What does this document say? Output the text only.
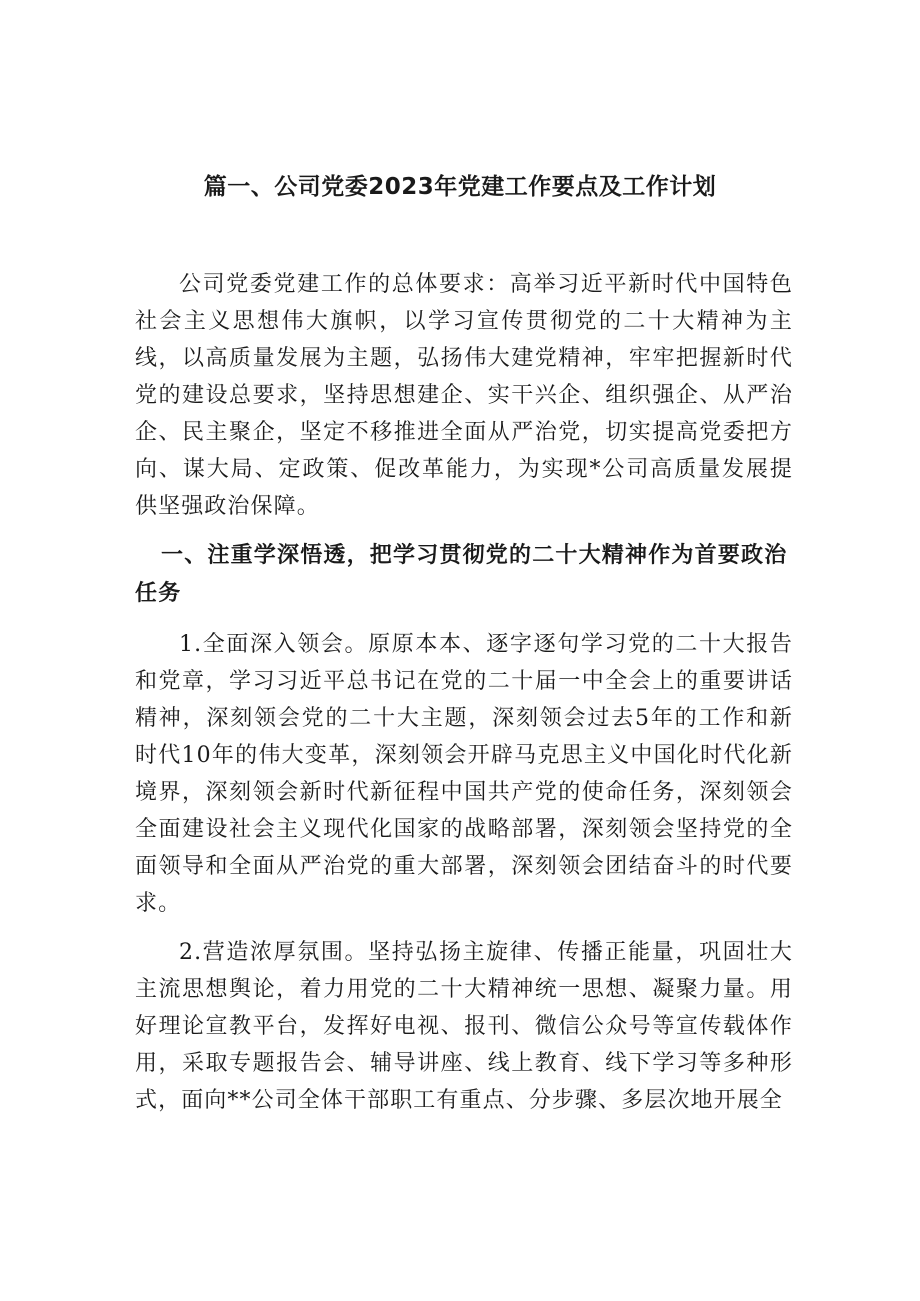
篇一、公司党委2023年党建工作要点及工作计划

公司党委党建工作的总体要求：高举习近平新时代中国特色社会主义思想伟大旗帜，以学习宣传贯彻党的二十大精神为主线，以高质量发展为主题，弘扬伟大建党精神，牢牢把握新时代党的建设总要求，坚持思想建企、实干兴企、组织强企、从严治企、民主聚企，坚定不移推进全面从严治党，切实提高党委把方向、谋大局、定政策、促改革能力，为实现*公司高质量发展提供坚强政治保障。

一、注重学深悟透，把学习贯彻党的二十大精神作为首要政治任务

1.全面深入领会。原原本本、逐字逐句学习党的二十大报告和党章，学习习近平总书记在党的二十届一中全会上的重要讲话精神，深刻领会党的二十大主题，深刻领会过去5年的工作和新时代10年的伟大变革，深刻领会开辟马克思主义中国化时代化新境界，深刻领会新时代新征程中国共产党的使命任务，深刻领会全面建设社会主义现代化国家的战略部署，深刻领会坚持党的全面领导和全面从严治党的重大部署，深刻领会团结奋斗的时代要求。

2.营造浓厚氛围。坚持弘扬主旋律、传播正能量，巩固壮大主流思想舆论，着力用党的二十大精神统一思想、凝聚力量。用好理论宣教平台，发挥好电视、报刊、微信公众号等宣传载体作用，采取专题报告会、辅导讲座、线上教育、线下学习等多种形式，面向**公司全体干部职工有重点、分步骤、多层次地开展全
